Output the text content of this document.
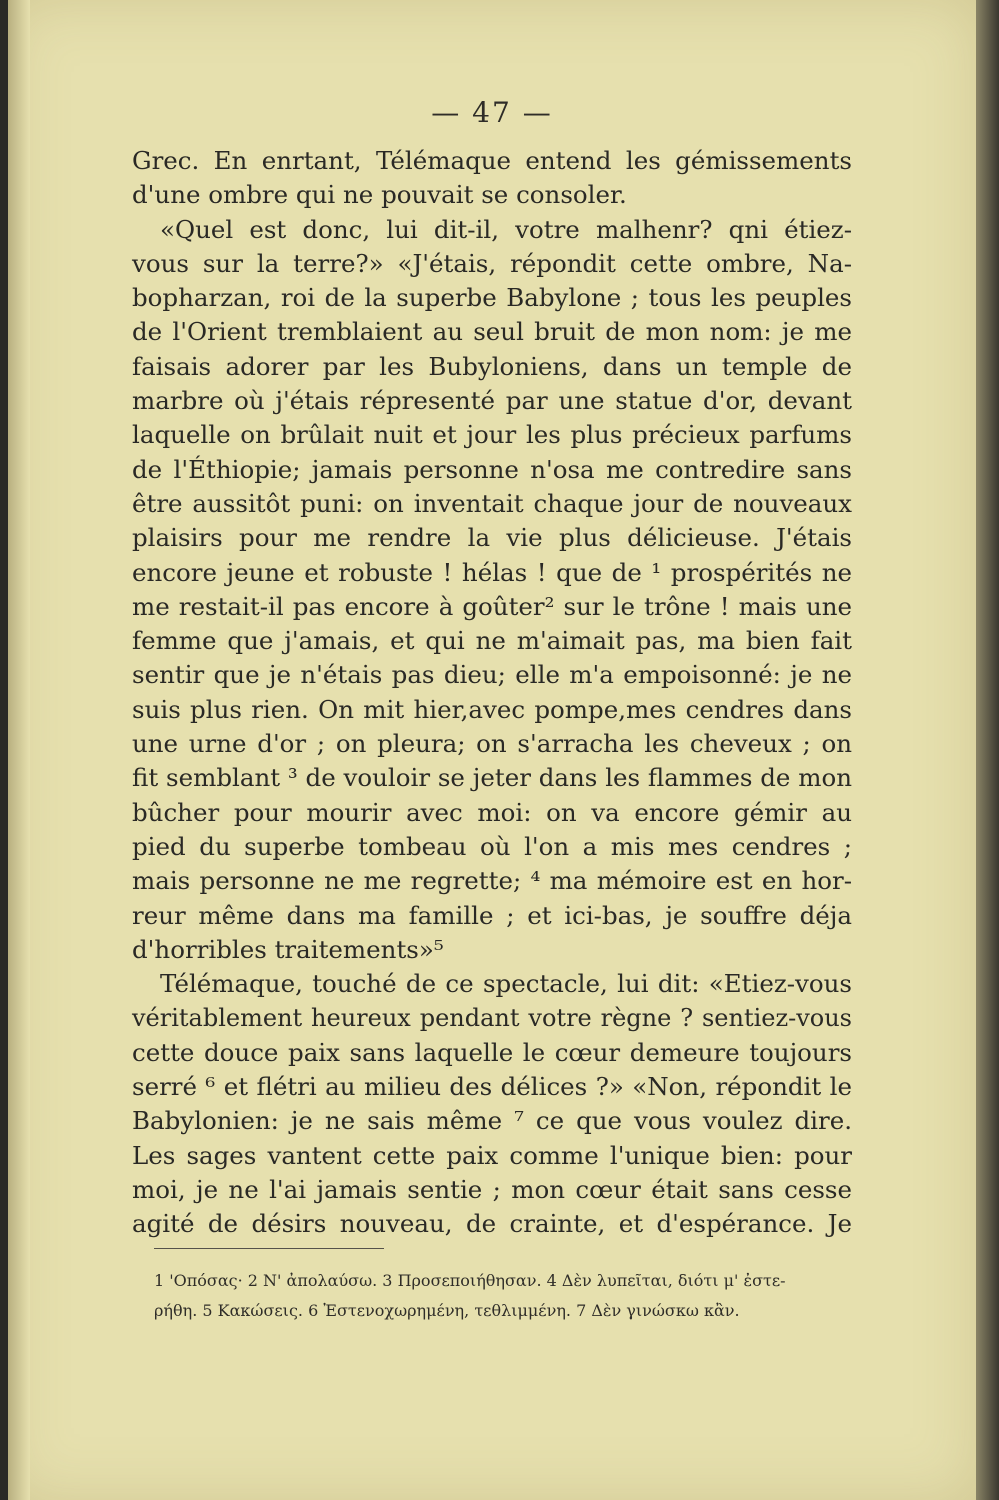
— 47 —
Grec. En enrtant, Télémaque entend les gémissements
d'une ombre qui ne pouvait se consoler.
«Quel est donc, lui dit-il, votre malhenr? qni étiez-
vous sur la terre?» «J'étais, répondit cette ombre, Na-
bopharzan, roi de la superbe Babylone ; tous les peuples
de l'Orient tremblaient au seul bruit de mon nom: je me
faisais adorer par les Bubyloniens, dans un temple de
marbre où j'étais répresenté par une statue d'or, devant
laquelle on brûlait nuit et jour les plus précieux parfums
de l'Éthiopie; jamais personne n'osa me contredire sans
être aussitôt puni: on inventait chaque jour de nouveaux
plaisirs pour me rendre la vie plus délicieuse. J'étais
encore jeune et robuste ! hélas ! que de ¹ prospérités ne
me restait-il pas encore à goûter² sur le trône ! mais une
femme que j'amais, et qui ne m'aimait pas, ma bien fait
sentir que je n'étais pas dieu; elle m'a empoisonné: je ne
suis plus rien. On mit hier,avec pompe,mes cendres dans
une urne d'or ; on pleura; on s'arracha les cheveux ; on
fit semblant ³ de vouloir se jeter dans les flammes de mon
bûcher pour mourir avec moi: on va encore gémir au
pied du superbe tombeau où l'on a mis mes cendres ;
mais personne ne me regrette; ⁴ ma mémoire est en hor-
reur même dans ma famille ; et ici-bas, je souffre déja
d'horribles traitements»⁵
Télémaque, touché de ce spectacle, lui dit: «Etiez-vous
véritablement heureux pendant votre règne ? sentiez-vous
cette douce paix sans laquelle le cœur demeure toujours
serré ⁶ et flétri au milieu des délices ?» «Non, répondit le
Babylonien: je ne sais même ⁷ ce que vous voulez dire.
Les sages vantent cette paix comme l'unique bien: pour
moi, je ne l'ai jamais sentie ; mon cœur était sans cesse
agité de désirs nouveau, de crainte, et d'espérance. Je
1 'Οπόσας· 2 Ν' ἀπολαύσω. 3 Προσεποιήθησαν. 4 Δὲν λυπεῖται, διότι μ' ἐστε-
ρήθη. 5 Κακώσεις. 6 Ἐστενοχωρημένη, τεθλιμμένη. 7 Δὲν γινώσκω κἂν.
